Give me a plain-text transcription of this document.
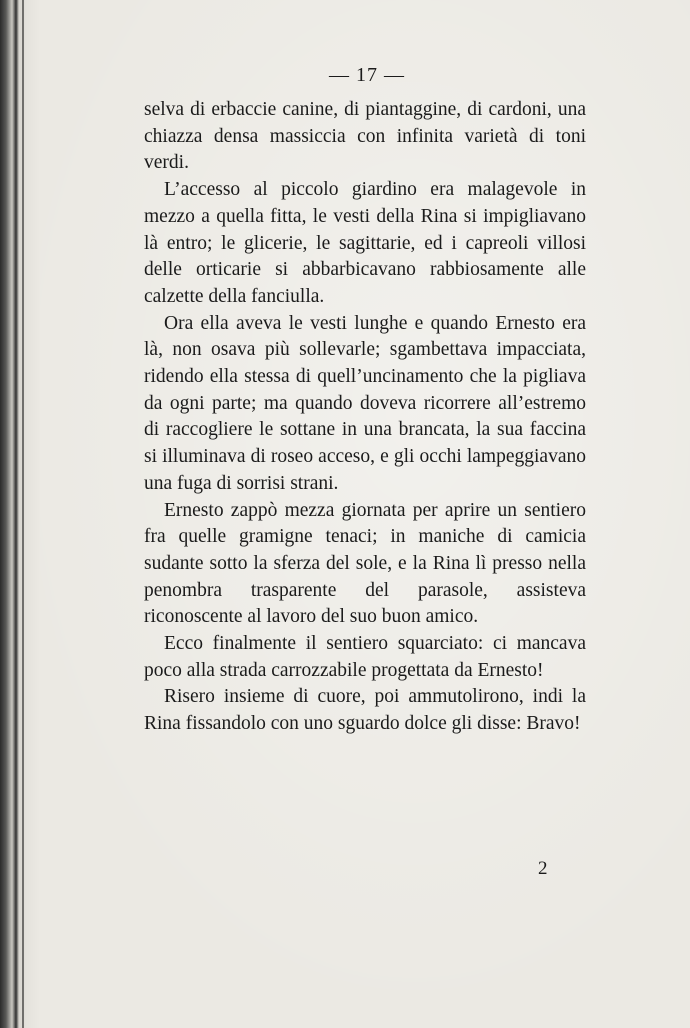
— 17 —

selva di erbaccie canine, di piantaggine, di cardoni, una chiazza densa massiccia con infinita varietà di toni verdi.

L’accesso al piccolo giardino era malagevole in mezzo a quella fitta, le vesti della Rina si impigliavano là entro; le glicerie, le sagittarie, ed i capreoli villosi delle orticarie si abbarbicavano rabbiosamente alle calzette della fanciulla.

Ora ella aveva le vesti lunghe e quando Ernesto era là, non osava più sollevarle; sgambettava impacciata, ridendo ella stessa di quell’uncinamento che la pigliava da ogni parte; ma quando doveva ricorrere all’estremo di raccogliere le sottane in una brancata, la sua faccina si illuminava di roseo acceso, e gli occhi lampeggiavano una fuga di sorrisi strani.

Ernesto zappò mezza giornata per aprire un sentiero fra quelle gramigne tenaci; in maniche di camicia sudante sotto la sferza del sole, e la Rina lì presso nella penombra trasparente del parasole, assisteva riconoscente al lavoro del suo buon amico.

Ecco finalmente il sentiero squarciato: ci mancava poco alla strada carrozzabile progettata da Ernesto!

Risero insieme di cuore, poi ammutolirono, indi la Rina fissandolo con uno sguardo dolce gli disse: Bravo!

2
